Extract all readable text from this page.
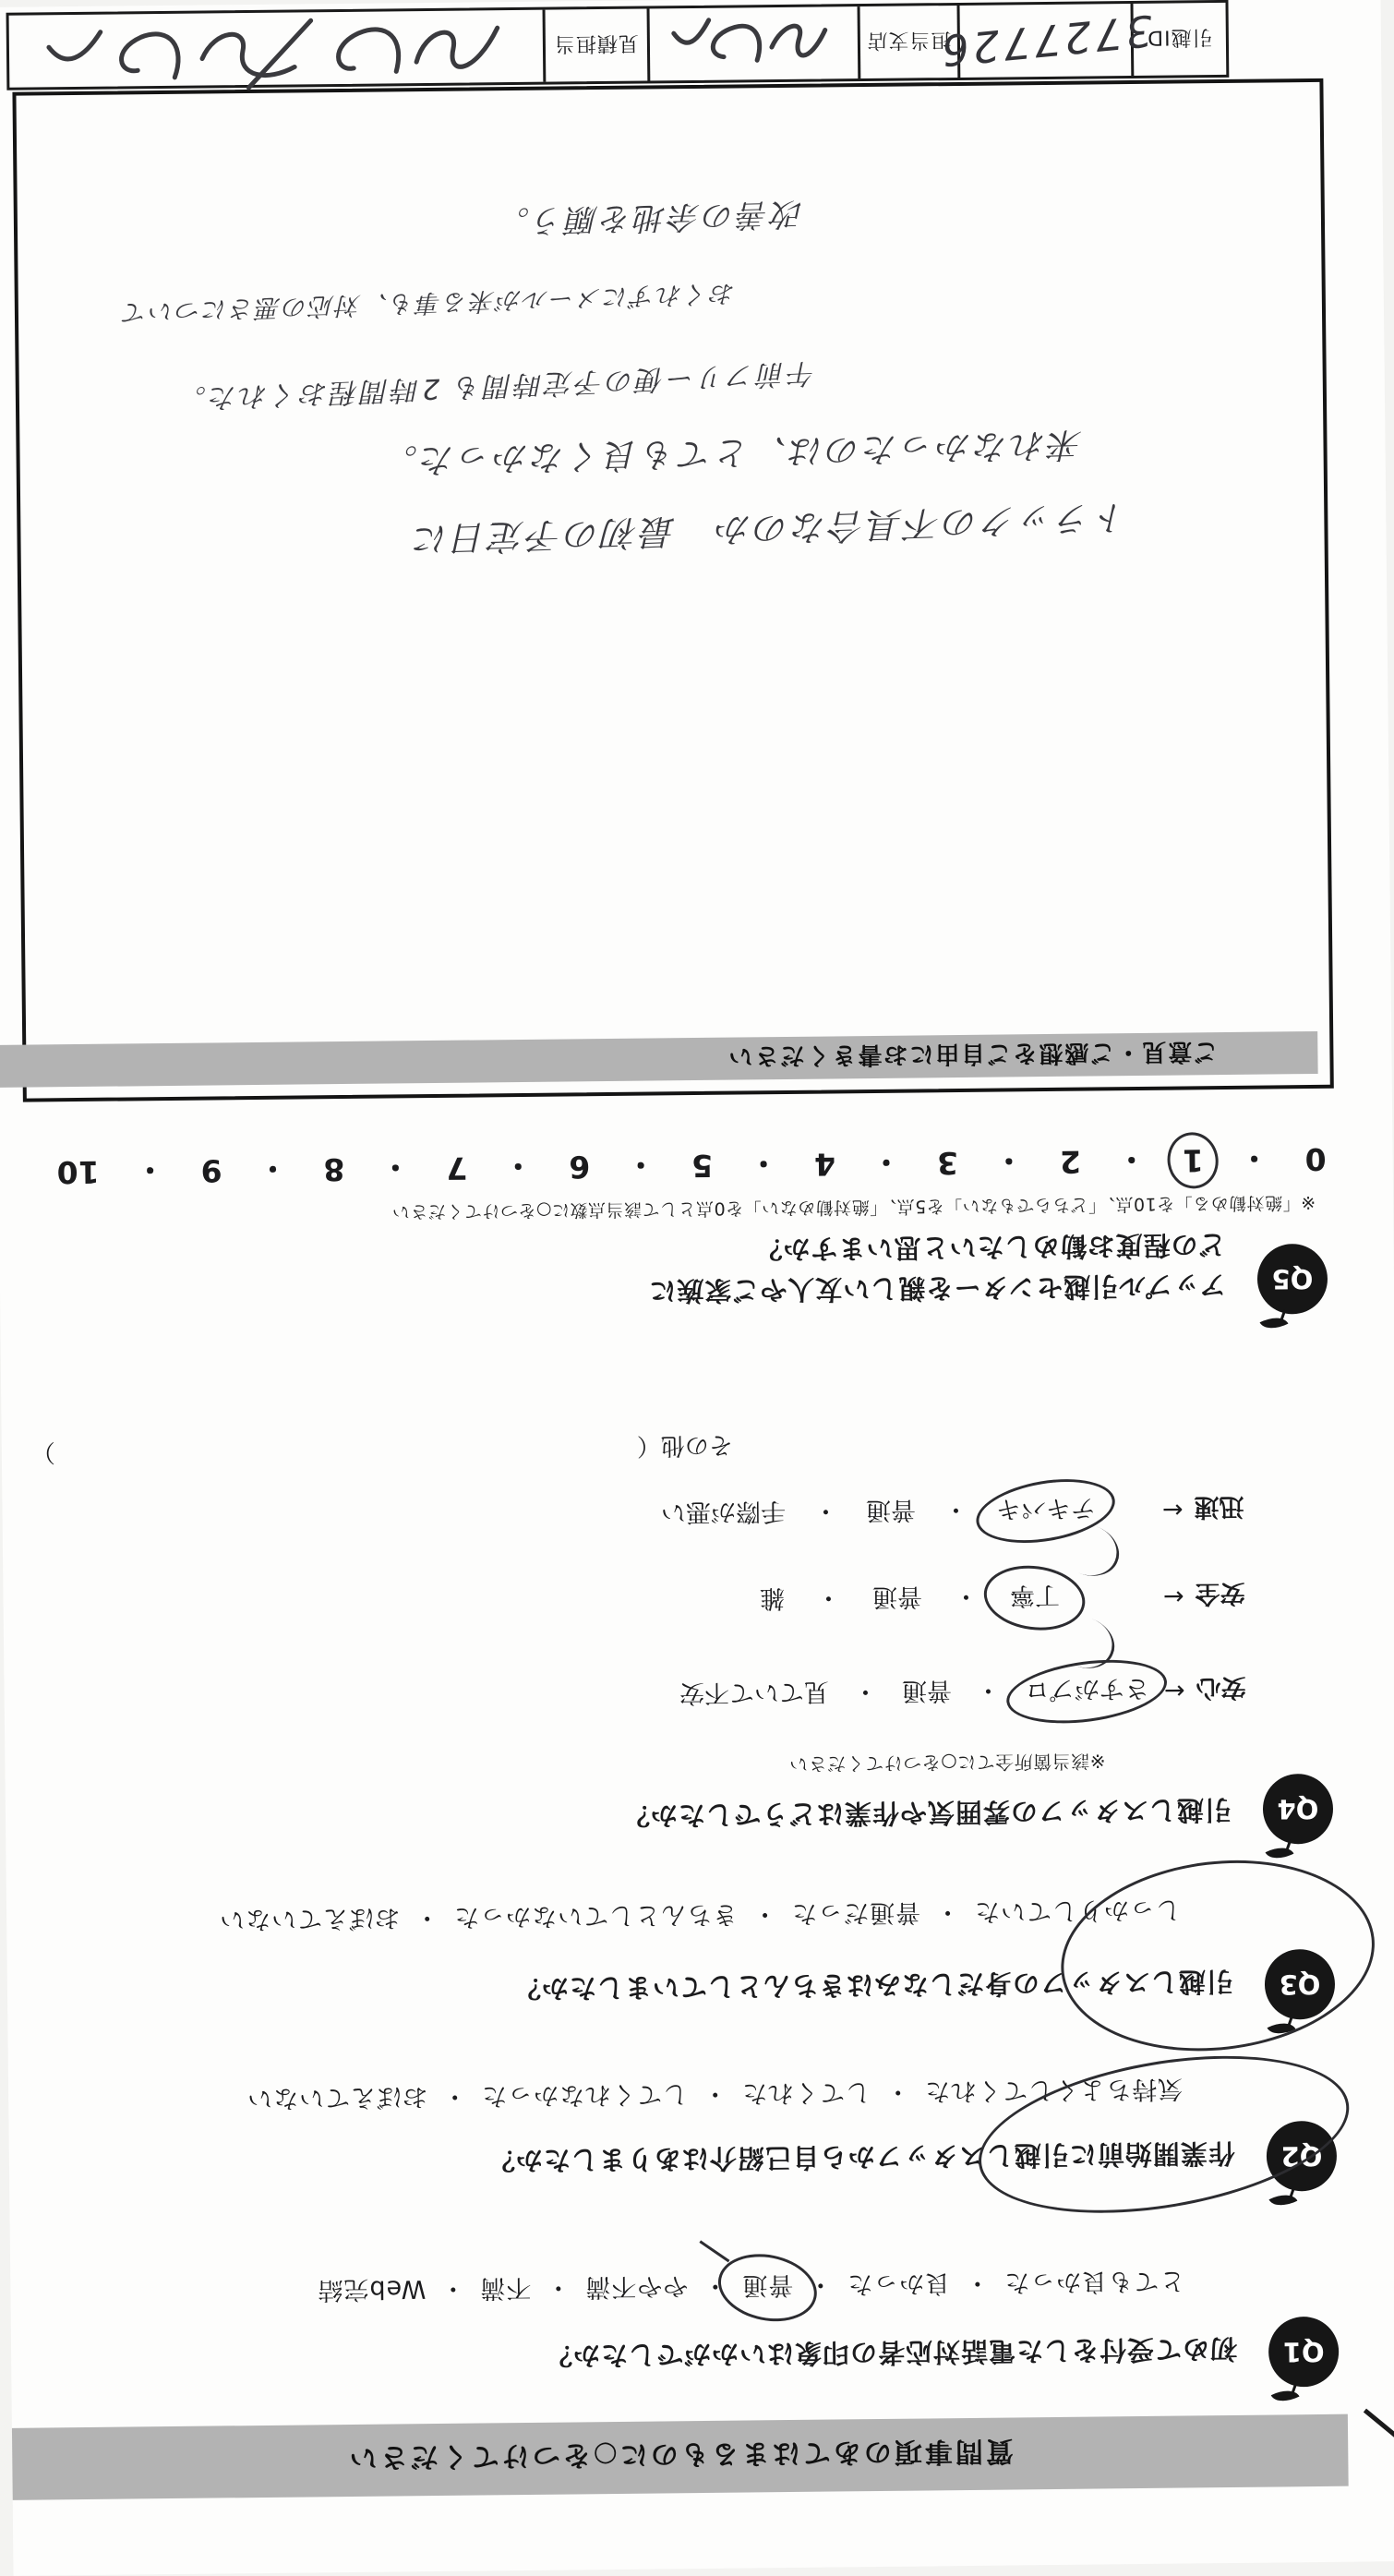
質問事項のあてはまるものに○をつけてください
Q1
初めて受付をした電話対応者の印象はいかがでしたか？
とても良かった
・
良かった
・
普通
・
やや不満
・
不満
・
Web完結
Q2
作業開始前に引越しスタッフから自己紹介はありましたか？
気持ちよくしてくれた
・
してくれた
・
してくれなかった
・
おぼえていない
Q3
引越しスタッフの身だしなみはきちんとしていましたか？
しっかりしていた
・
普通だった
・
きちんとしていなかった
・
おぼえていない
Q4
引越しスタッフの雰囲気や作業はどうでしたか？
※該当箇所全てに○をつけてください
安心
←
さすがプロ
・
普通
・
見ていて不安
安全
←
丁寧
・
普通
・
雑
迅速
←
テキパキ
・
普通
・
手際が悪い
その他（
）
Q5
アップル引越センターを親しい友人やご家族に
どの程度お勧めしたいと思いますか？
※「絶対勧める」を10点、「どちらでもない」を5点、「絶対勧めない」を0点として該当点数に○をつけてください
0
・
1
・
2
・
3
・
4
・
5
・
6
・
7
・
8
・
9
・
10
ご意見・ご感想をご自由にお書きください
トラックの不具合なのか　最初の予定日に
来れなかったのは、とても良くなかった。
午前フリー便の予定時間も 2時間程おくれた。
おくれずにメールが来る事も、対応の悪さについて
改善の余地を願う。
引越ID
3727726
担当支店
見積担当
